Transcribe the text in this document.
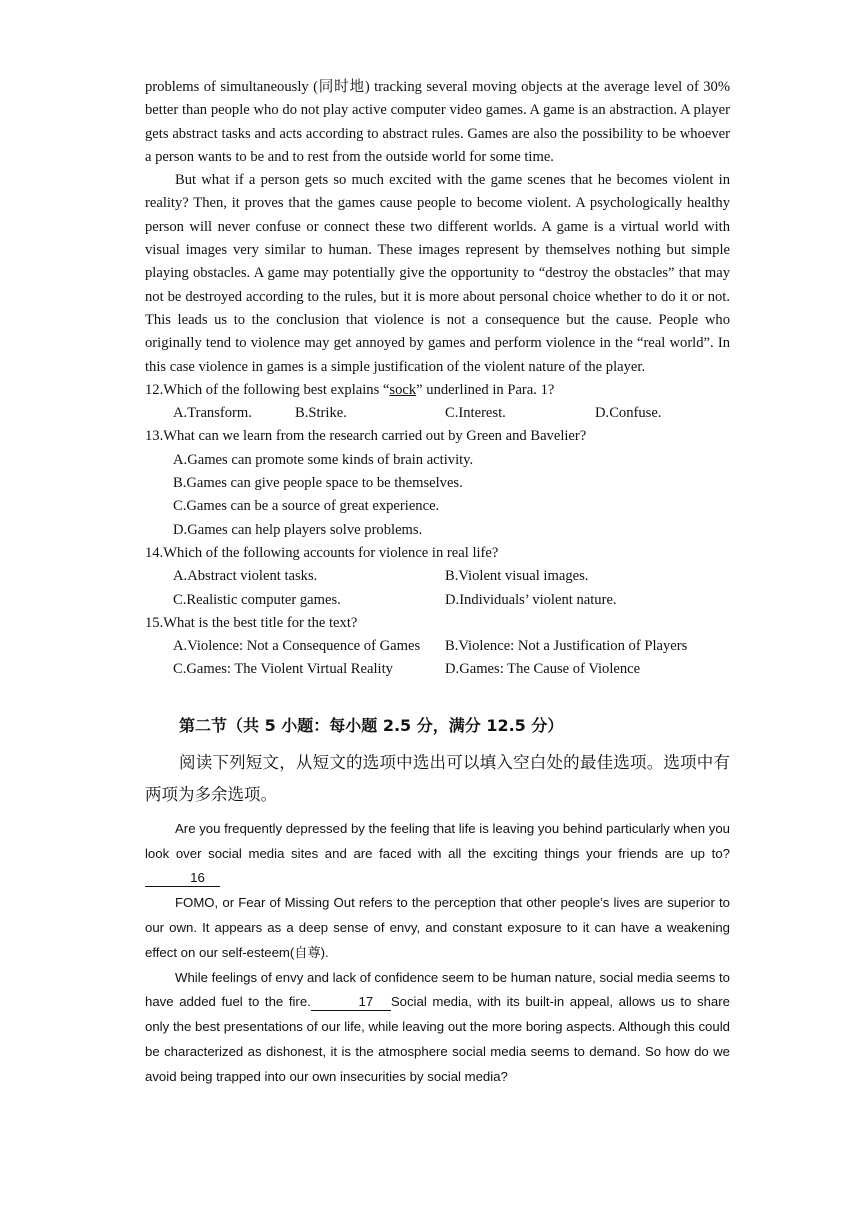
problems of simultaneously (同时地) tracking several moving objects at the average level of 30% better than people who do not play active computer video games. A game is an abstraction. A player gets abstract tasks and acts according to abstract rules. Games are also the possibility to be whoever a person wants to be and to rest from the outside world for some time.

But what if a person gets so much excited with the game scenes that he becomes violent in reality? Then, it proves that the games cause people to become violent. A psychologically healthy person will never confuse or connect these two different worlds. A game is a virtual world with visual images very similar to human. These images represent by themselves nothing but simple playing obstacles. A game may potentially give the opportunity to “destroy the obstacles” that may not be destroyed according to the rules, but it is more about personal choice whether to do it or not. This leads us to the conclusion that violence is not a consequence but the cause. People who originally tend to violence may get annoyed by games and perform violence in the “real world”. In this case violence in games is a simple justification of the violent nature of the player.

12.Which of the following best explains “sock” underlined in Para. 1?

A.Transform.	B.Strike.	C.Interest.	D.Confuse.

13.What can we learn from the research carried out by Green and Bavelier?

A.Games can promote some kinds of brain activity.
B.Games can give people space to be themselves.
C.Games can be a source of great experience.
D.Games can help players solve problems.

14.Which of the following accounts for violence in real life?

A.Abstract violent tasks.	B.Violent visual images.
C.Realistic computer games.	D.Individuals’ violent nature.

15.What is the best title for the text?

A.Violence: Not a Consequence of Games	B.Violence: Not a Justification of Players
C.Games: The Violent Virtual Reality	D.Games: The Cause of Violence
第二节（共 5 小题：每小题 2.5 分，满分 12.5 分）
阅读下列短文，从短文的选项中选出可以填入空白处的最佳选项。选项中有两项为多余选项。

Are you frequently depressed by the feeling that life is leaving you behind particularly when you look over social media sites and are faced with all the exciting things your friends are up to?16

FOMO, or Fear of Missing Out refers to the perception that other people’s lives are superior to our own. It appears as a deep sense of envy, and constant exposure to it can have a weakening effect on our self-esteem(自尊).

While feelings of envy and lack of confidence seem to be human nature, social media seems to have added fuel to the fire.	17 Social media, with its built-in appeal, allows us to share only the best presentations of our life, while leaving out the more boring aspects. Although this could be characterized as dishonest, it is the atmosphere social media seems to demand. So how do we avoid being trapped into our own insecurities by social media?
